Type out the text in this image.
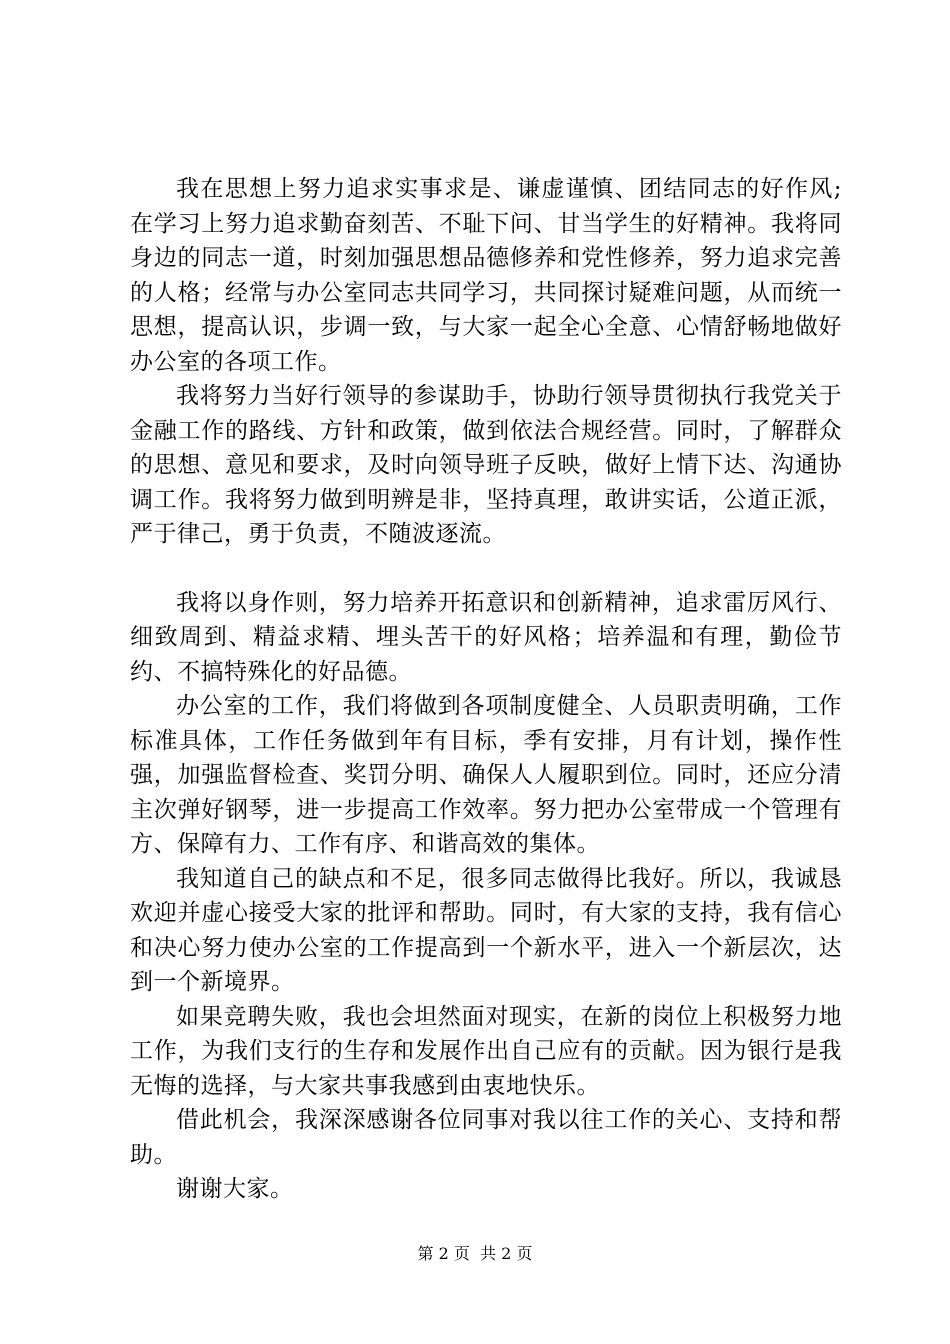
我在思想上努力追求实事求是、谦虚谨慎、团结同志的好作风;在学习上努力追求勤奋刻苦、不耻下问、甘当学生的好精神。我将同身边的同志一道，时刻加强思想品德修养和党性修养，努力追求完善的人格；经常与办公室同志共同学习，共同探讨疑难问题，从而统一思想，提高认识，步调一致，与大家一起全心全意、心情舒畅地做好办公室的各项工作。

我将努力当好行领导的参谋助手，协助行领导贯彻执行我党关于金融工作的路线、方针和政策，做到依法合规经营。同时，了解群众的思想、意见和要求，及时向领导班子反映，做好上情下达、沟通协调工作。我将努力做到明辨是非，坚持真理，敢讲实话，公道正派，严于律己，勇于负责，不随波逐流。

我将以身作则，努力培养开拓意识和创新精神，追求雷厉风行、细致周到、精益求精、埋头苦干的好风格；培养温和有理，勤俭节约、不搞特殊化的好品德。

办公室的工作，我们将做到各项制度健全、人员职责明确，工作标准具体，工作任务做到年有目标，季有安排，月有计划，操作性强，加强监督检查、奖罚分明、确保人人履职到位。同时，还应分清主次弹好钢琴，进一步提高工作效率。努力把办公室带成一个管理有方、保障有力、工作有序、和谐高效的集体。

我知道自己的缺点和不足，很多同志做得比我好。所以，我诚恳欢迎并虚心接受大家的批评和帮助。同时，有大家的支持，我有信心和决心努力使办公室的工作提高到一个新水平，进入一个新层次，达到一个新境界。

如果竞聘失败，我也会坦然面对现实，在新的岗位上积极努力地工作，为我们支行的生存和发展作出自己应有的贡献。因为银行是我无悔的选择，与大家共事我感到由衷地快乐。

借此机会，我深深感谢各位同事对我以往工作的关心、支持和帮助。

谢谢大家。

第 2 页  共 2 页
